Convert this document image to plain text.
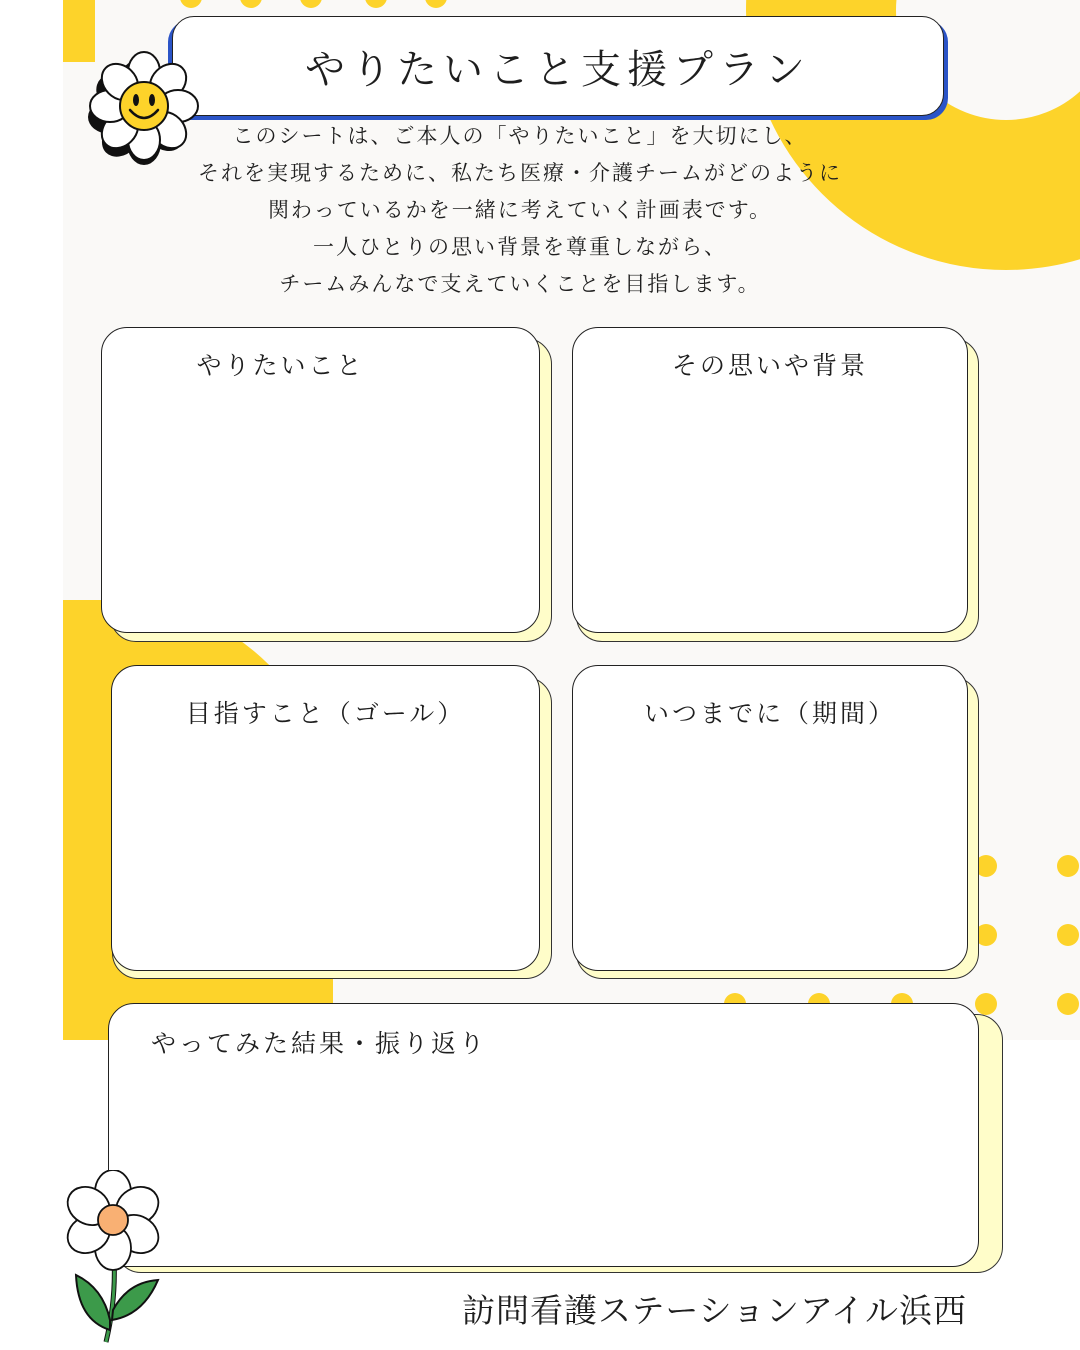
やりたいこと支援プラン
このシートは、ご本人の「やりたいこと」を大切にし、
それを実現するために、私たち医療・介護チームがどのように
関わっているかを一緒に考えていく計画表です。
一人ひとりの思い背景を尊重しながら、
チームみんなで支えていくことを目指します。
やりたいこと	その思いや背景
目指すこと（ゴール）	いつまでに（期間）
やってみた結果・振り返り
訪問看護ステーションアイル浜西
